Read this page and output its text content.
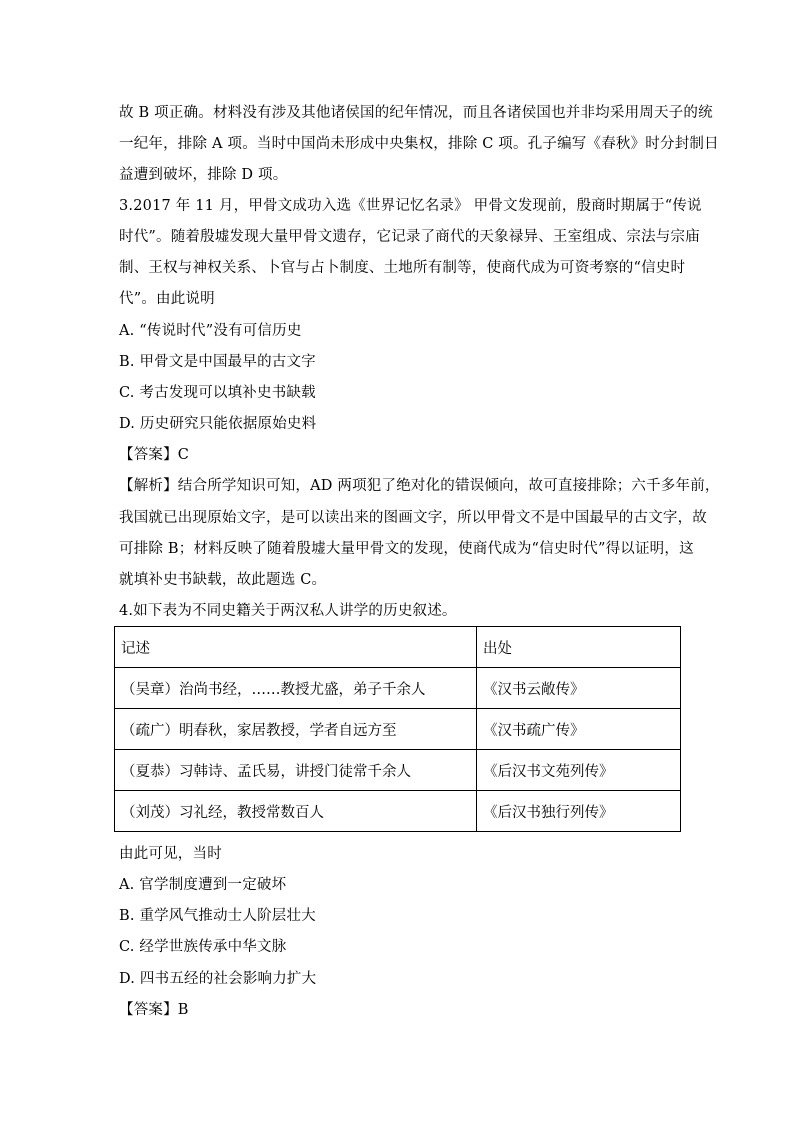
故 B 项正确。材料没有涉及其他诸侯国的纪年情况，而且各诸侯国也并非均采用周天子的统
一纪年，排除 A 项。当时中国尚未形成中央集权，排除 C 项。孔子编写《春秋》时分封制日
益遭到破坏，排除 D 项。
3.2017 年 11 月，甲骨文成功入选《世界记忆名录》 甲骨文发现前，殷商时期属于“传说
时代”。随着殷墟发现大量甲骨文遗存，它记录了商代的天象禄异、王室组成、宗法与宗庙
制、王权与神权关系、卜官与占卜制度、土地所有制等，使商代成为可资考察的“信史时
代”。由此说明
A. “传说时代”没有可信历史
B. 甲骨文是中国最早的古文字
C. 考古发现可以填补史书缺载
D. 历史研究只能依据原始史料
【答案】C
【解析】结合所学知识可知，AD 两项犯了绝对化的错误倾向，故可直接排除；六千多年前，
我国就已出现原始文字，是可以读出来的图画文字，所以甲骨文不是中国最早的古文字，故
可排除 B；材料反映了随着殷墟大量甲骨文的发现，使商代成为“信史时代”得以证明，这
就填补史书缺载，故此题选 C。
4.如下表为不同史籍关于两汉私人讲学的历史叙述。
记述	出处
（吴章）治尚书经，……教授尤盛，弟子千余人	《汉书云敞传》
（疏广）明春秋，家居教授，学者自远方至	《汉书疏广传》
（夏恭）习韩诗、孟氏易，讲授门徒常千余人	《后汉书文苑列传》
（刘茂）习礼经，教授常数百人	《后汉书独行列传》
由此可见，当时
A. 官学制度遭到一定破坏
B. 重学风气推动士人阶层壮大
C. 经学世族传承中华文脉
D. 四书五经的社会影响力扩大
【答案】B
